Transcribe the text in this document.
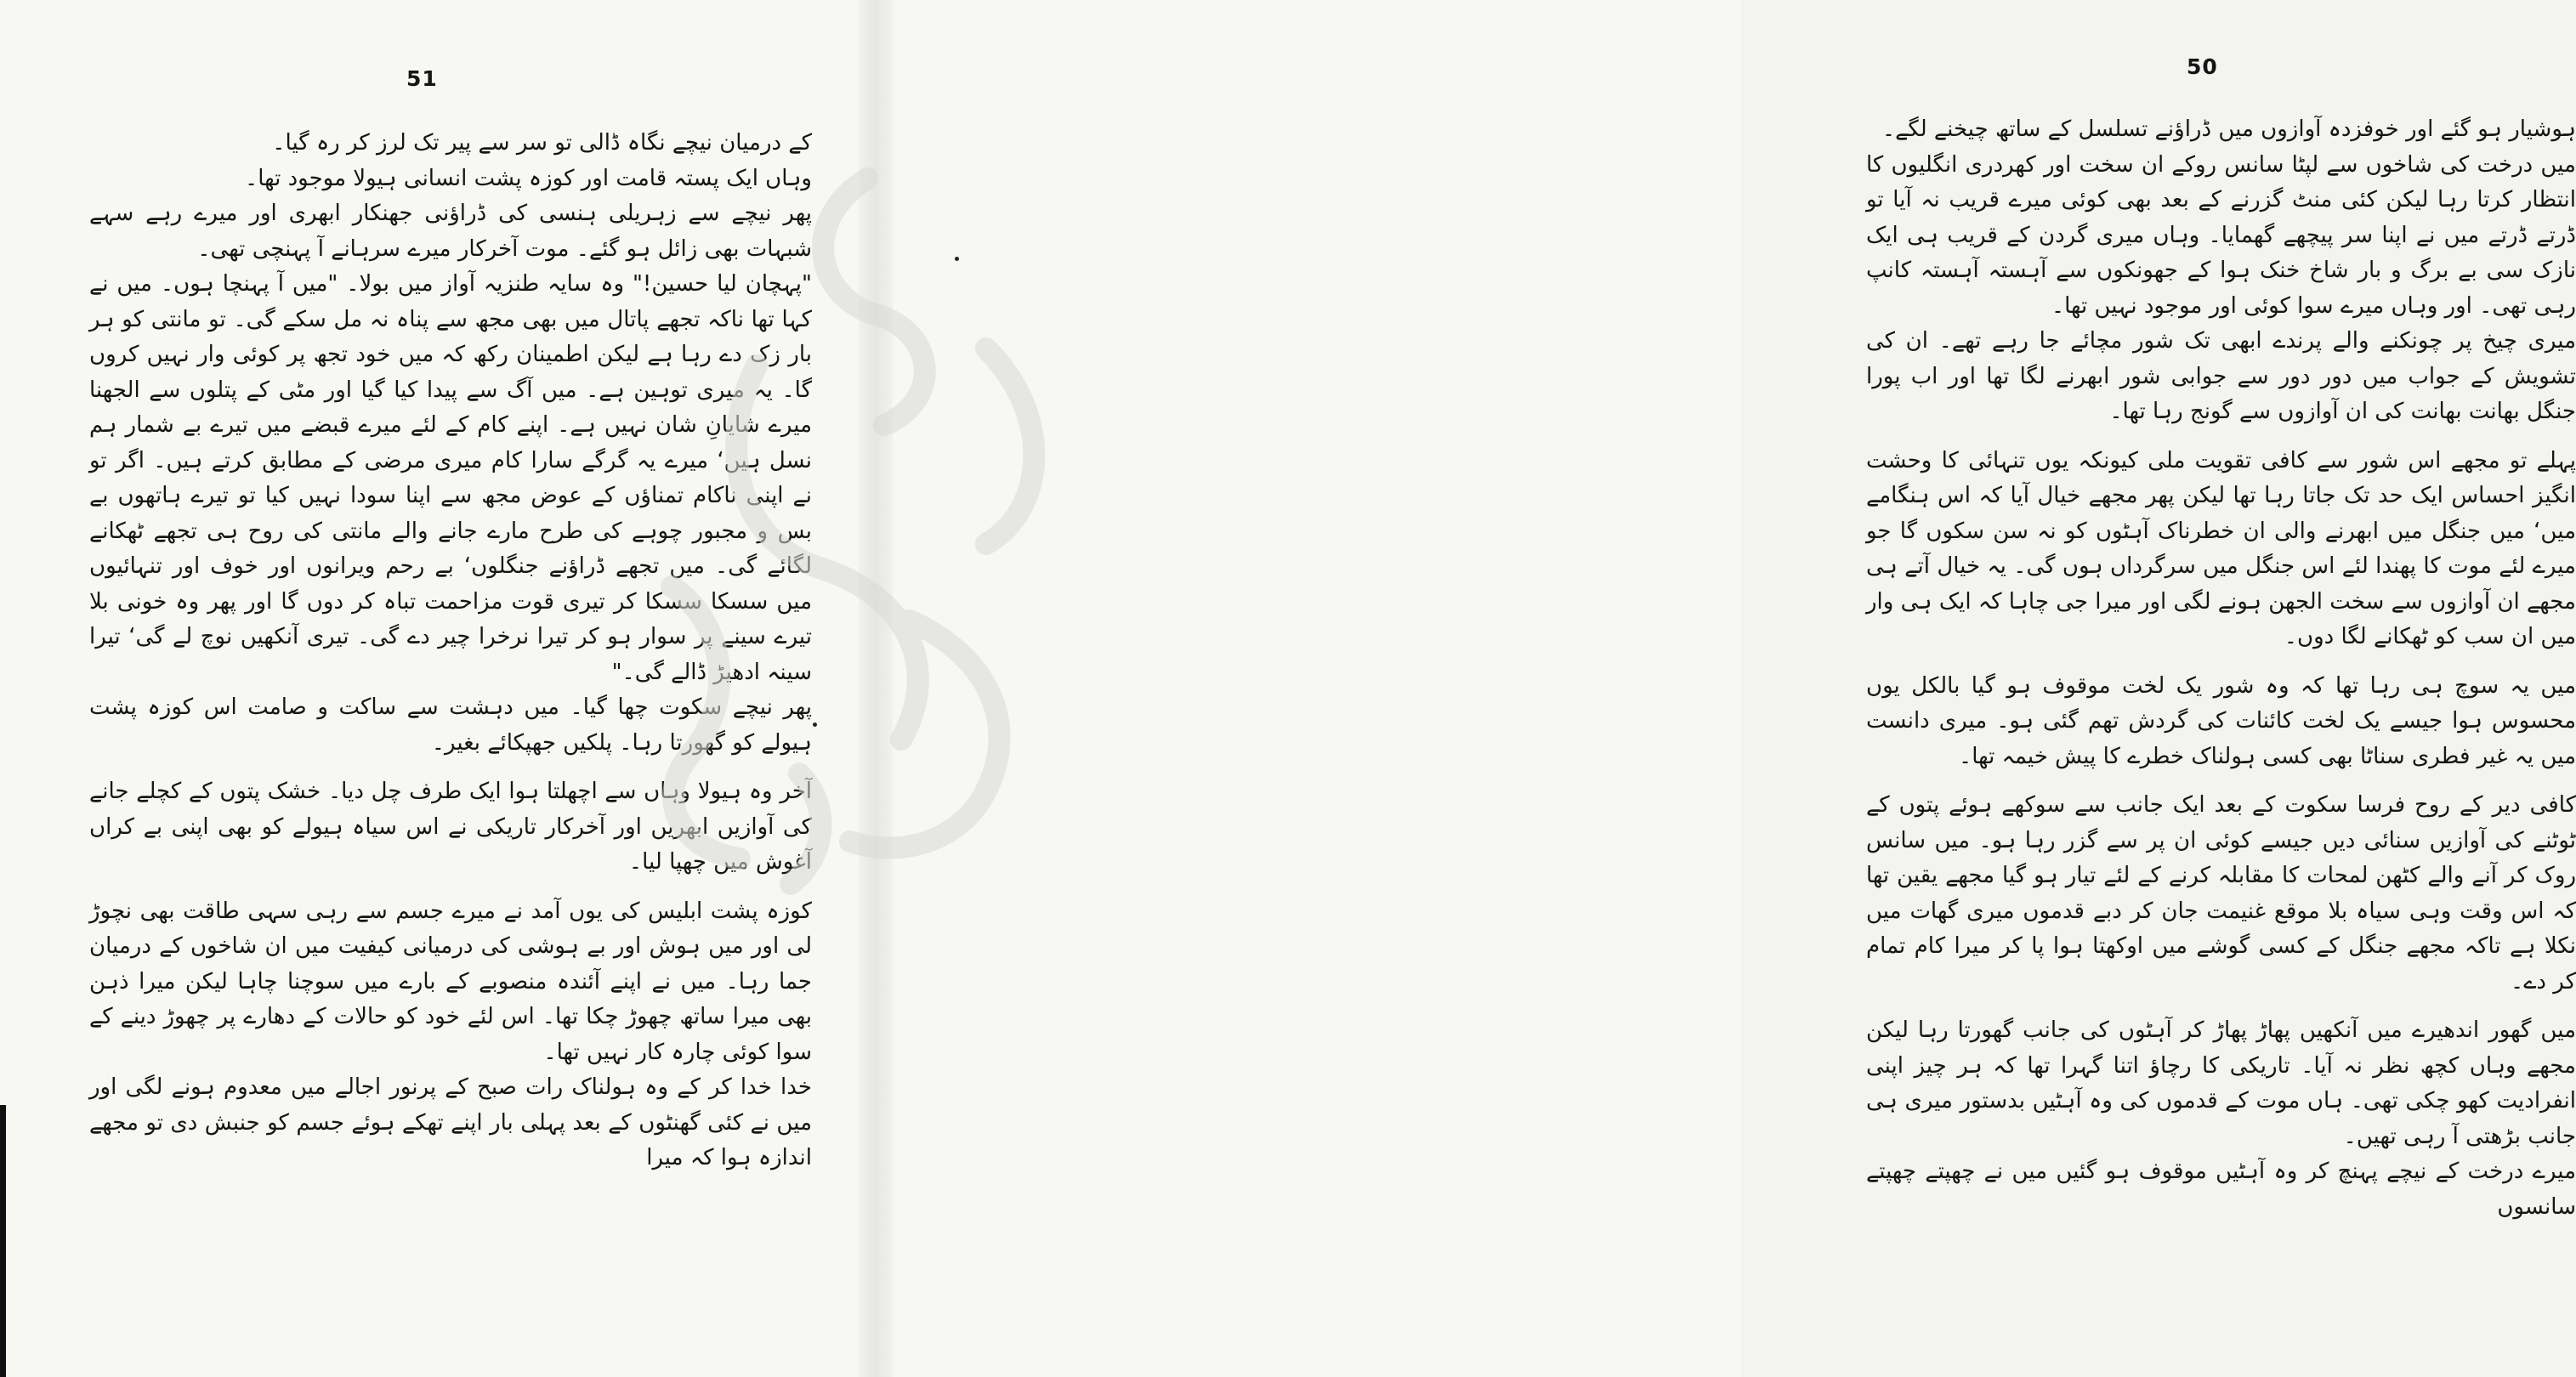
51

کے درمیان نیچے نگاہ ڈالی تو سر سے پیر تک لرز کر رہ گیا۔

وہاں ایک پستہ قامت اور کوزہ پشت انسانی ہیولا موجود تھا۔

پھر نیچے سے زہریلی ہنسی کی ڈراؤنی جھنکار ابھری اور میرے رہے سہے شبہات بھی زائل ہو گئے۔ موت آخرکار میرے سرہانے آ پہنچی تھی۔

"پہچان لیا حسین!" وہ سایہ طنزیہ آواز میں بولا۔ "میں آ پہنچا ہوں۔ میں نے کہا تھا ناکہ تجھے پاتال میں بھی مجھ سے پناہ نہ مل سکے گی۔ تو مانتی کو ہر بار زک دے رہا ہے لیکن اطمینان رکھ کہ میں خود تجھ پر کوئی وار نہیں کروں گا۔ یہ میری توہین ہے۔ میں آگ سے پیدا کیا گیا اور مٹی کے پتلوں سے الجھنا میرے شایانِ شان نہیں ہے۔ اپنے کام کے لئے میرے قبضے میں تیرے بے شمار ہم نسل ہیں‘ میرے یہ گرگے سارا کام میری مرضی کے مطابق کرتے ہیں۔ اگر تو نے اپنی ناکام تمناؤں کے عوض مجھ سے اپنا سودا نہیں کیا تو تیرے ہاتھوں بے بس و مجبور چوہے کی طرح مارے جانے والے مانتی کی روح ہی تجھے ٹھکانے لگائے گی۔ میں تجھے ڈراؤنے جنگلوں‘ بے رحم ویرانوں اور خوف اور تنہائیوں میں سسکا سسکا کر تیری قوت مزاحمت تباہ کر دوں گا اور پھر وہ خونی بلا تیرے سینے پر سوار ہو کر تیرا نرخرا چیر دے گی۔ تیری آنکھیں نوچ لے گی‘ تیرا سینہ ادھیڑ ڈالے گی۔"

پھر نیچے سکوت چھا گیا۔ میں دہشت سے ساکت و صامت اس کوزہ پشت ہیولے کو گھورتا رہا۔ پلکیں جھپکائے بغیر۔

آخر وہ ہیولا وہاں سے اچھلتا ہوا ایک طرف چل دیا۔ خشک پتوں کے کچلے جانے کی آوازیں ابھریں اور آخرکار تاریکی نے اس سیاہ ہیولے کو بھی اپنی بے کراں آغوش میں چھپا لیا۔

کوزہ پشت ابلیس کی یوں آمد نے میرے جسم سے رہی سہی طاقت بھی نچوڑ لی اور میں ہوش اور بے ہوشی کی درمیانی کیفیت میں ان شاخوں کے درمیان جما رہا۔ میں نے اپنے آئندہ منصوبے کے بارے میں سوچنا چاہا لیکن میرا ذہن بھی میرا ساتھ چھوڑ چکا تھا۔ اس لئے خود کو حالات کے دھارے پر چھوڑ دینے کے سوا کوئی چارہ کار نہیں تھا۔

خدا خدا کر کے وہ ہولناک رات صبح کے پرنور اجالے میں معدوم ہونے لگی اور میں نے کئی گھنٹوں کے بعد پہلی بار اپنے تھکے ہوئے جسم کو جنبش دی تو مجھے اندازہ ہوا کہ میرا

50

ہوشیار ہو گئے اور خوفزدہ آوازوں میں ڈراؤنے تسلسل کے ساتھ چیخنے لگے۔

میں درخت کی شاخوں سے لپٹا سانس روکے ان سخت اور کھردری انگلیوں کا انتظار کرتا رہا لیکن کئی منٹ گزرنے کے بعد بھی کوئی میرے قریب نہ آیا تو ڈرتے ڈرتے میں نے اپنا سر پیچھے گھمایا۔ وہاں میری گردن کے قریب ہی ایک نازک سی بے برگ و بار شاخ خنک ہوا کے جھونکوں سے آہستہ آہستہ کانپ رہی تھی۔ اور وہاں میرے سوا کوئی اور موجود نہیں تھا۔

میری چیخ پر چونکنے والے پرندے ابھی تک شور مچائے جا رہے تھے۔ ان کی تشویش کے جواب میں دور دور سے جوابی شور ابھرنے لگا تھا اور اب پورا جنگل بھانت بھانت کی ان آوازوں سے گونج رہا تھا۔

پہلے تو مجھے اس شور سے کافی تقویت ملی کیونکہ یوں تنہائی کا وحشت انگیز احساس ایک حد تک جاتا رہا تھا لیکن پھر مجھے خیال آیا کہ اس ہنگامے میں‘ میں جنگل میں ابھرنے والی ان خطرناک آہٹوں کو نہ سن سکوں گا جو میرے لئے موت کا پھندا لئے اس جنگل میں سرگرداں ہوں گی۔ یہ خیال آتے ہی مجھے ان آوازوں سے سخت الجھن ہونے لگی اور میرا جی چاہا کہ ایک ہی وار میں ان سب کو ٹھکانے لگا دوں۔

میں یہ سوچ ہی رہا تھا کہ وہ شور یک لخت موقوف ہو گیا بالکل یوں محسوس ہوا جیسے یک لخت کائنات کی گردش تھم گئی ہو۔ میری دانست میں یہ غیر فطری سناٹا بھی کسی ہولناک خطرے کا پیش خیمہ تھا۔

کافی دیر کے روح فرسا سکوت کے بعد ایک جانب سے سوکھے ہوئے پتوں کے ٹوٹنے کی آوازیں سنائی دیں جیسے کوئی ان پر سے گزر رہا ہو۔ میں سانس روک کر آنے والے کٹھن لمحات کا مقابلہ کرنے کے لئے تیار ہو گیا مجھے یقین تھا کہ اس وقت وہی سیاہ بلا موقع غنیمت جان کر دبے قدموں میری گھات میں نکلا ہے تاکہ مجھے جنگل کے کسی گوشے میں اوکھتا ہوا پا کر میرا کام تمام کر دے۔

میں گھور اندھیرے میں آنکھیں پھاڑ پھاڑ کر آہٹوں کی جانب گھورتا رہا لیکن مجھے وہاں کچھ نظر نہ آیا۔ تاریکی کا رچاؤ اتنا گہرا تھا کہ ہر چیز اپنی انفرادیت کھو چکی تھی۔ ہاں موت کے قدموں کی وہ آہٹیں بدستور میری ہی جانب بڑھتی آ رہی تھیں۔

میرے درخت کے نیچے پہنچ کر وہ آہٹیں موقوف ہو گئیں میں نے چھپتے چھپتے سانسوں
